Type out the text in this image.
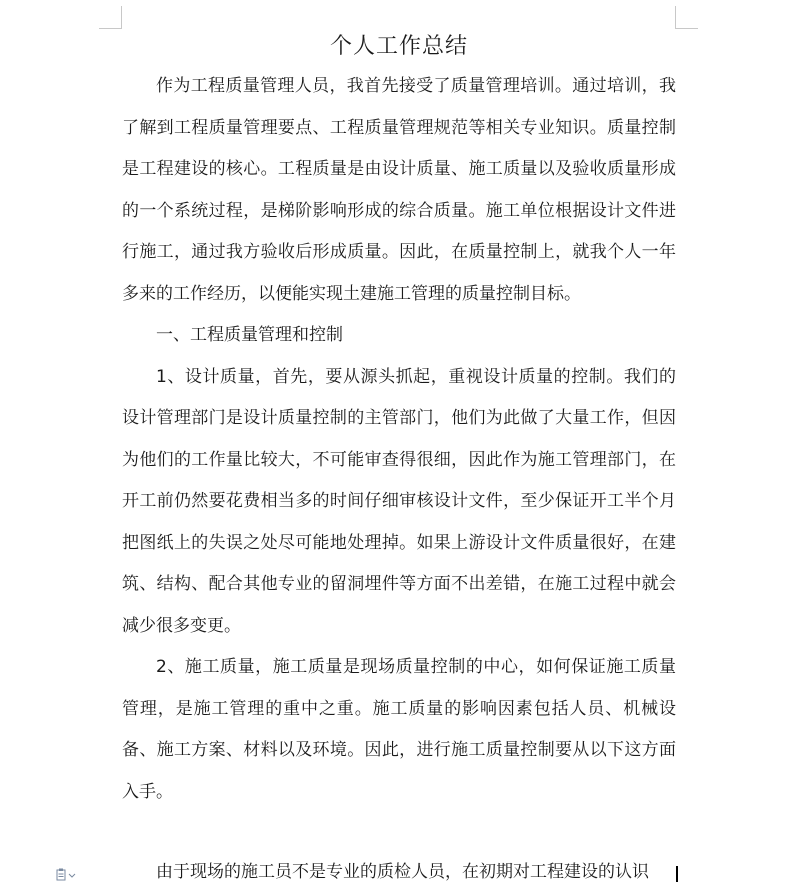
个人工作总结

作为工程质量管理人员，我首先接受了质量管理培训。通过培训，我了解到工程质量管理要点、工程质量管理规范等相关专业知识。质量控制是工程建设的核心。工程质量是由设计质量、施工质量以及验收质量形成的一个系统过程，是梯阶影响形成的综合质量。施工单位根据设计文件进行施工，通过我方验收后形成质量。因此，在质量控制上，就我个人一年多来的工作经历，以便能实现土建施工管理的质量控制目标。

一、工程质量管理和控制

1、设计质量，首先，要从源头抓起，重视设计质量的控制。我们的设计管理部门是设计质量控制的主管部门，他们为此做了大量工作，但因为他们的工作量比较大，不可能审查得很细，因此作为施工管理部门，在开工前仍然要花费相当多的时间仔细审核设计文件，至少保证开工半个月把图纸上的失误之处尽可能地处理掉。如果上游设计文件质量很好，在建筑、结构、配合其他专业的留洞埋件等方面不出差错，在施工过程中就会减少很多变更。

2、施工质量，施工质量是现场质量控制的中心，如何保证施工质量管理，是施工管理的重中之重。施工质量的影响因素包括人员、机械设备、施工方案、材料以及环境。因此，进行施工质量控制要从以下这方面入手。

由于现场的施工员不是专业的质检人员，在初期对工程建设的认识
